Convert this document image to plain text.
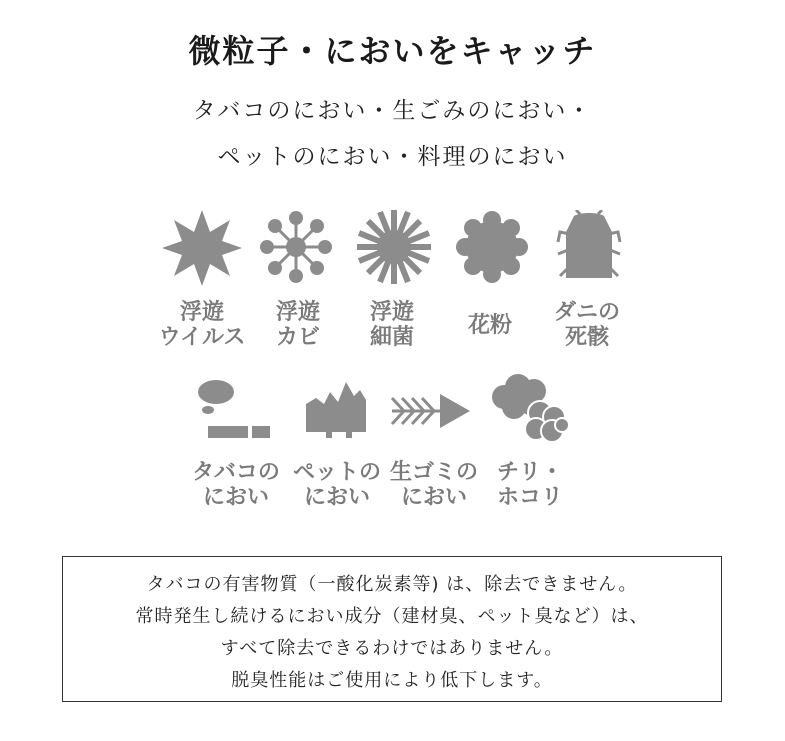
微粒子・においをキャッチ
タバコのにおい・生ごみのにおい・
ペットのにおい・料理のにおい
浮遊
ウイルス
浮遊
カビ
浮遊
細菌	花粉
ダニの
死骸
タバコの
におい
ペットの
におい
生ゴミの
におい
チリ・
ホコリ

タバコの有害物質（一酸化炭素等) は、除去できません。

常時発生し続けるにおい成分（建材臭、ペット臭など）は、

すべて除去できるわけではありません。

脱臭性能はご使用により低下します。
